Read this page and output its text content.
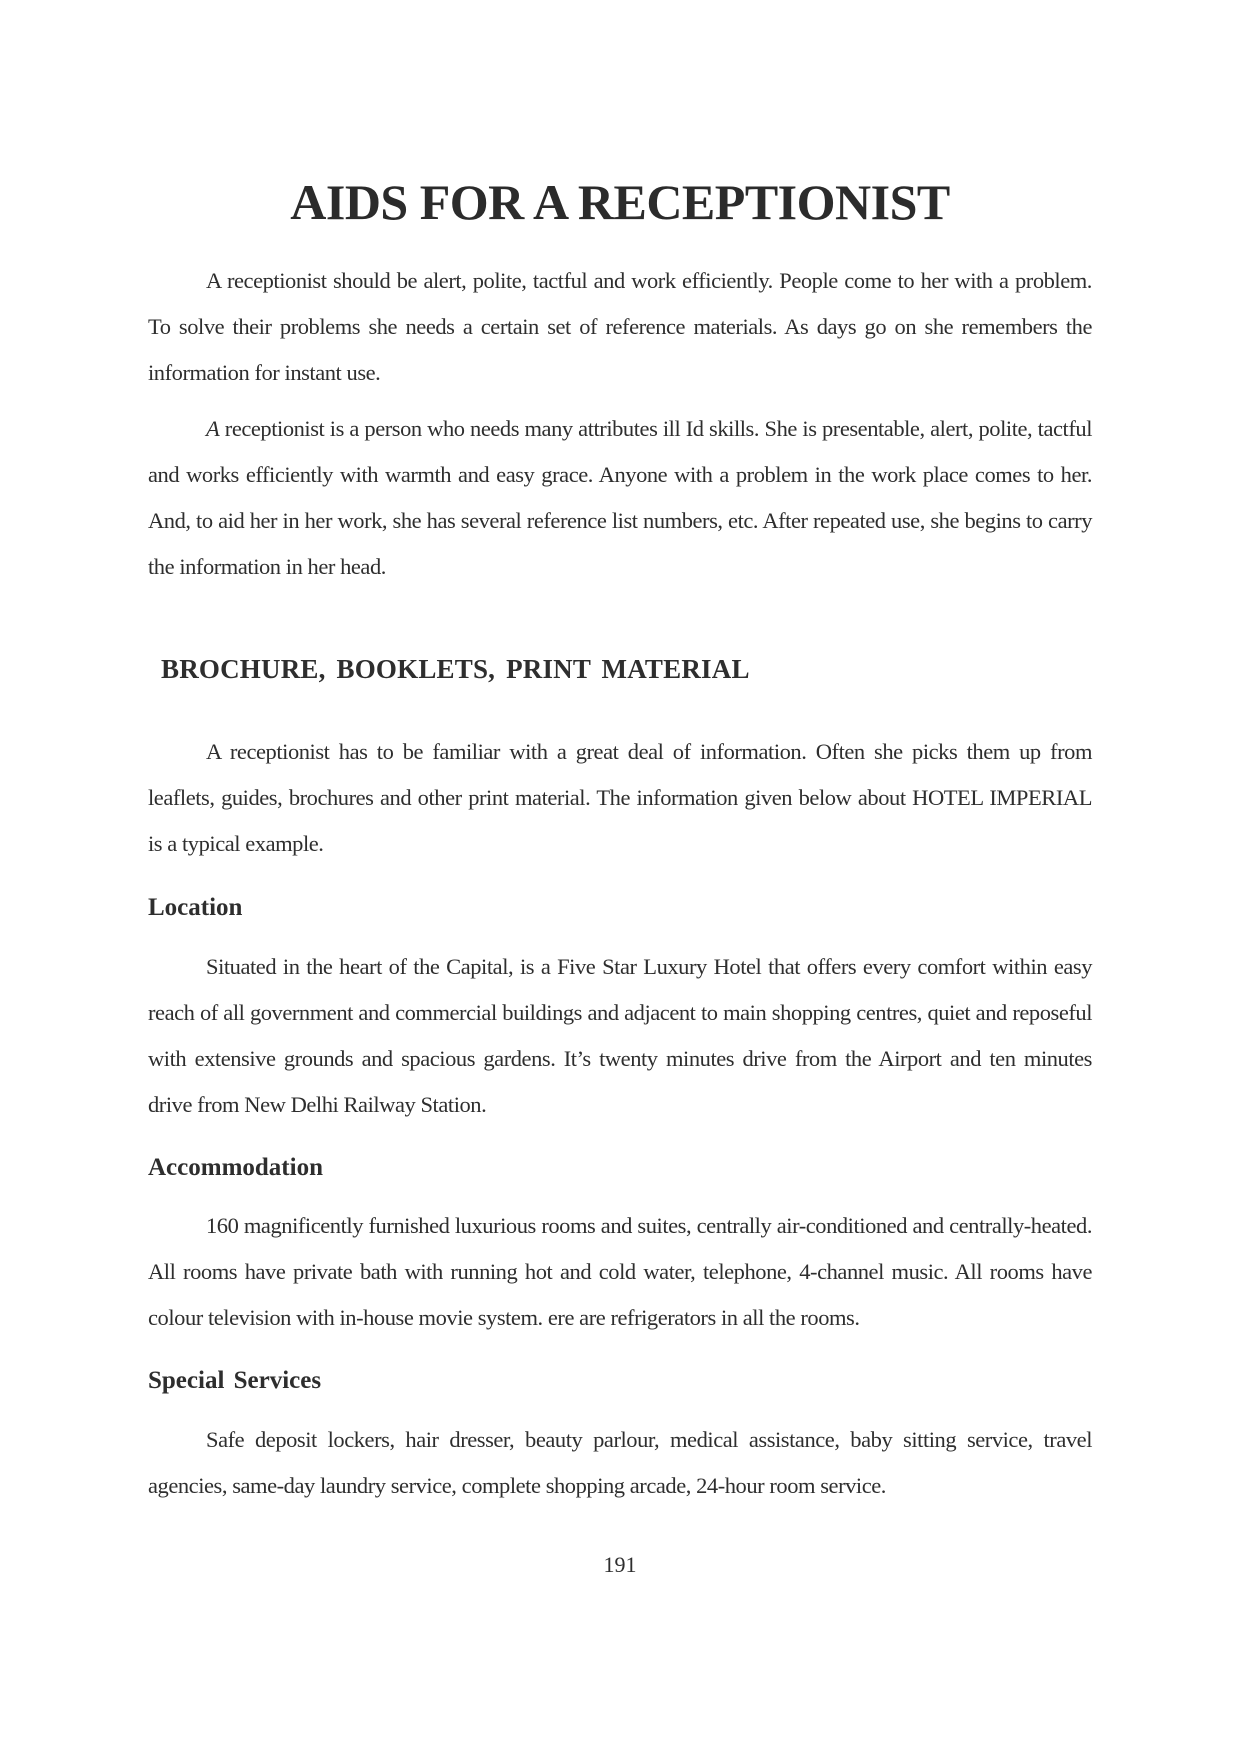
AIDS FOR A RECEPTIONIST

A receptionist should be alert, polite, tactful and work efficiently. People come to her with a problem. To solve their problems she needs a certain set of reference materials. As days go on she remembers the information for instant use.

A receptionist is a person who needs many attributes ill Id skills. She is presentable, alert, polite, tactful and works efficiently with warmth and easy grace. Anyone with a problem in the work place comes to her. And, to aid her in her work, she has several reference list numbers, etc. After repeated use, she begins to carry the information in her head.

BROCHURE, BOOKLETS, PRINT MATERIAL

A receptionist has to be familiar with a great deal of information. Often she picks them up from leaflets, guides, brochures and other print material. The information given below about HOTEL IMPERIAL is a typical example.

Location

Situated in the heart of the Capital, is a Five Star Luxury Hotel that offers every comfort within easy reach of all government and commercial buildings and adjacent to main shopping centres, quiet and reposeful with extensive grounds and spacious gardens. It’s twenty minutes drive from the Airport and ten minutes drive from New Delhi Railway Station.

Accommodation

160 magnificently furnished luxurious rooms and suites, centrally air-conditioned and centrally-heated. All rooms have private bath with running hot and cold water, telephone, 4-channel music. All rooms have colour television with in-house movie system. ere are refrigerators in all the rooms.

Special Services

Safe deposit lockers, hair dresser, beauty parlour, medical assistance, baby sitting service, travel agencies, same-day laundry service, complete shopping arcade, 24-hour room service.

191
